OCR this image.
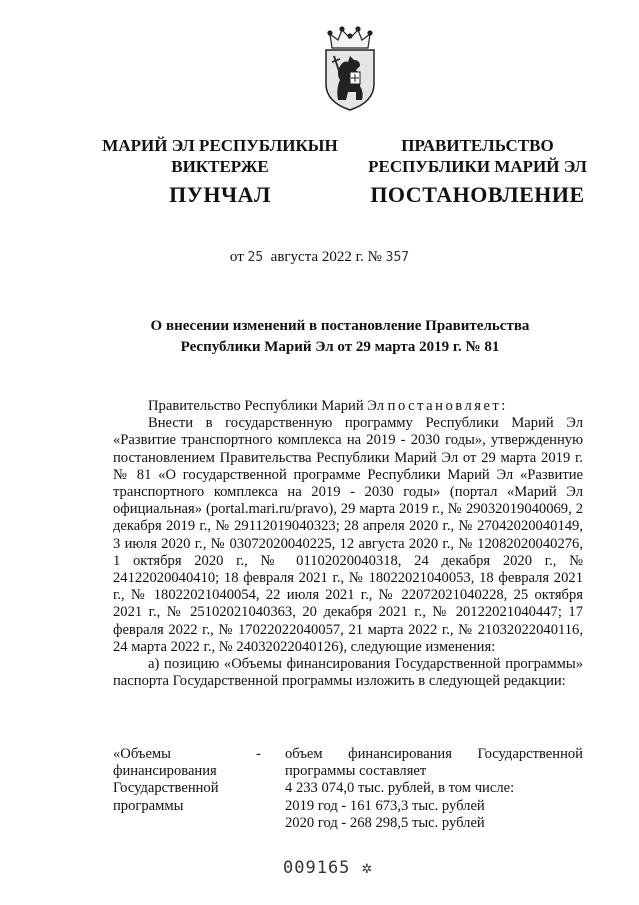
МАРИЙ ЭЛ РЕСПУБЛИКЫН
ВИКТЕРЖЕ
ПУНЧАЛ
ПРАВИТЕЛЬСТВО
РЕСПУБЛИКИ МАРИЙ ЭЛ
ПОСТАНОВЛЕНИЕ
от 25 августа 2022 г. № 357
О внесении изменений в постановление Правительства
Республики Марий Эл от 29 марта 2019 г. № 81

Правительство Республики Марий Эл постановляет:

Внести в государственную программу Республики Марий Эл «Развитие транспортного комплекса на 2019 - 2030 годы», утвержденную постановлением Правительства Республики Марий Эл от 29 марта 2019 г. № 81 «О государственной программе Республики Марий Эл «Развитие транспортного комплекса на 2019 - 2030 годы» (портал «Марий Эл официальная» (portal.mari.ru/pravo), 29 марта 2019 г., № 29032019040069, 2 декабря 2019 г., № 29112019040323; 28 апреля 2020 г., № 27042020040149, 3 июля 2020 г., № 03072020040225, 12 августа 2020 г., № 12082020040276, 1 октября 2020 г., № 01102020040318, 24 декабря 2020 г., № 24122020040410; 18 февраля 2021 г., № 18022021040053, 18 февраля 2021 г., № 18022021040054, 22 июля 2021 г., № 22072021040228, 25 октября 2021 г., № 25102021040363, 20 декабря 2021 г., № 20122021040447; 17 февраля 2022 г., № 17022022040057, 21 марта 2022 г., № 21032022040116, 24 марта 2022 г., № 24032022040126), следующие изменения:

а) позицию «Объемы финансирования Государственной программы» паспорта Государственной программы изложить в следующей редакции:

«Объемы
финансирования
Государственной
программы
- объем финансирования Государственной программы составляет
4 233 074,0 тыс. рублей, в том числе:
2019 год - 161 673,3 тыс. рублей
2020 год - 268 298,5 тыс. рублей
009165 ✲
